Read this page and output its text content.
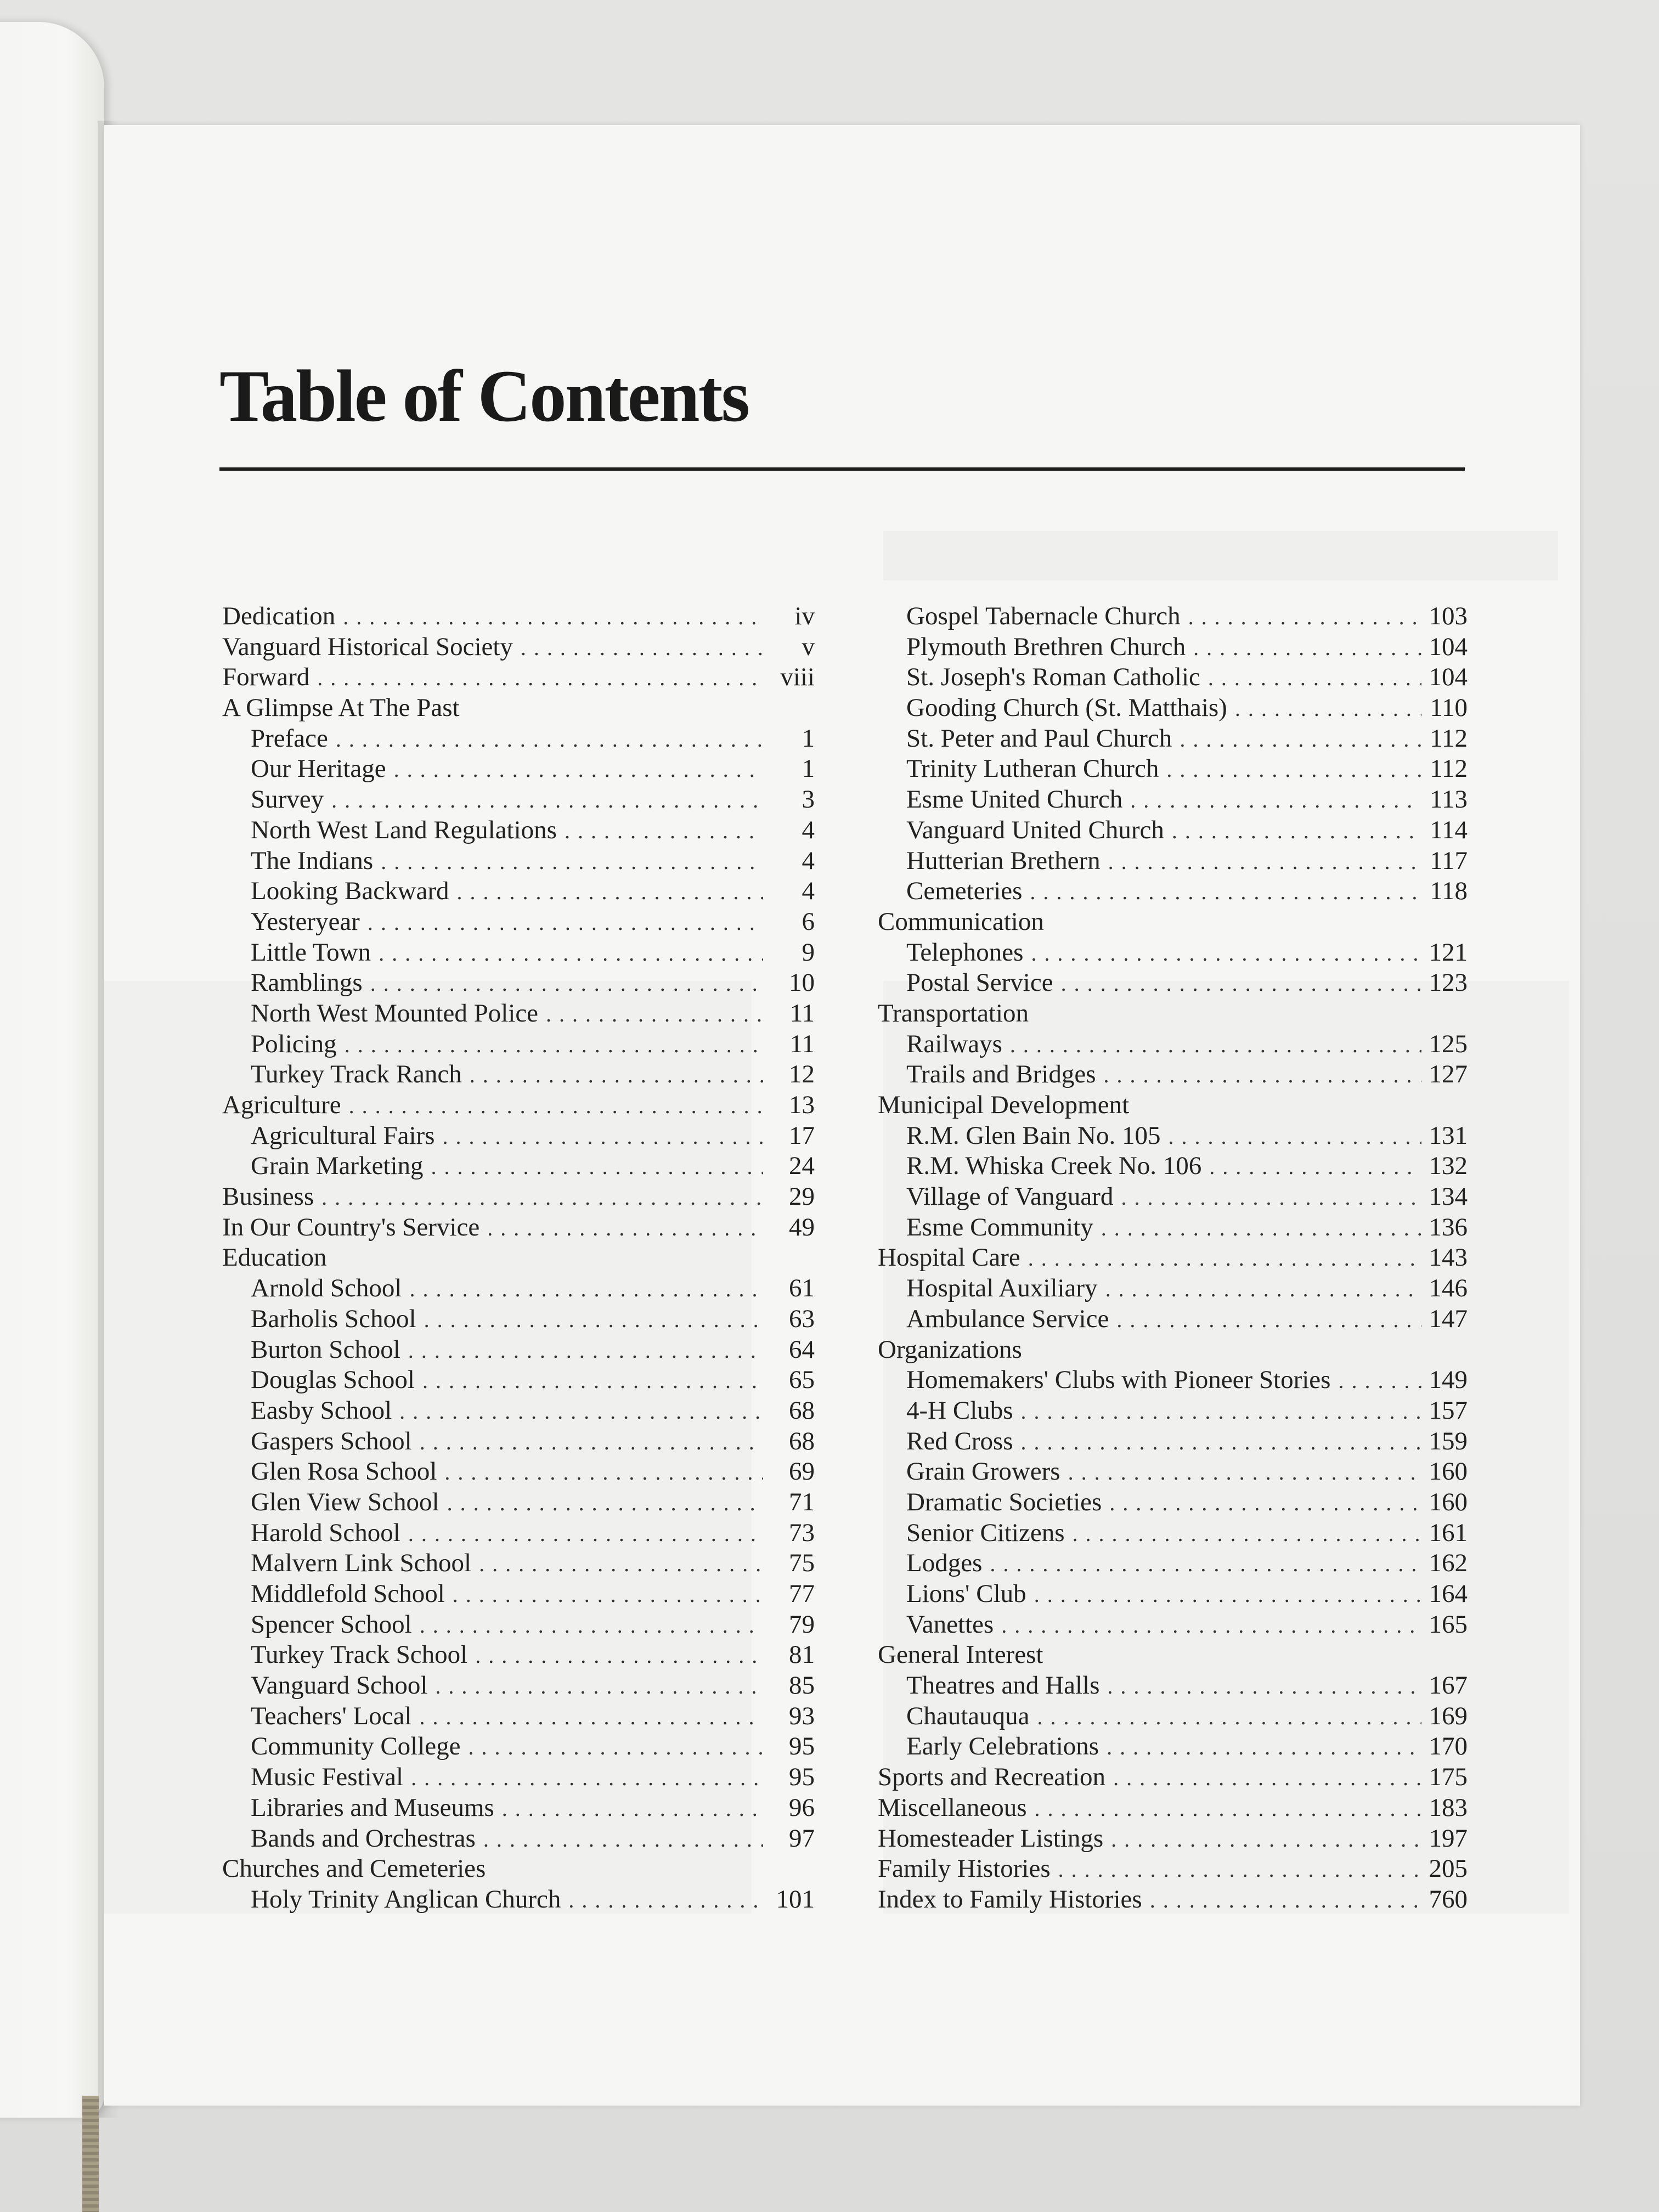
Table of Contents
Dedication . . .	iv
Vanguard Historical Society . . .	v
Forward . . .	viii
A Glimpse At The Past
Preface . . .	1
Our Heritage . . .	1
Survey . . .	3
North West Land Regulations . . .	4
The Indians . . .	4
Looking Backward . . .	4
Yesteryear . . .	6
Little Town . . .	9
Ramblings . . .	10
North West Mounted Police . . .	11
Policing . . .	11
Turkey Track Ranch . . .	12
Agriculture . . .	13
Agricultural Fairs . . .	17
Grain Marketing . . .	24
Business . . .	29
In Our Country's Service . . .	49
Education
Arnold School . . .	61
Barholis School . . .	63
Burton School . . .	64
Douglas School . . .	65
Easby School . . .	68
Gaspers School . . .	68
Glen Rosa School . . .	69
Glen View School . . .	71
Harold School . . .	73
Malvern Link School . . .	75
Middlefold School . . .	77
Spencer School . . .	79
Turkey Track School . . .	81
Vanguard School . . .	85
Teachers' Local . . .	93
Community College . . .	95
Music Festival . . .	95
Libraries and Museums . . .	96
Bands and Orchestras . . .	97
Churches and Cemeteries
Holy Trinity Anglican Church . . .	101
Gospel Tabernacle Church . . .	103
Plymouth Brethren Church . . .	104
St. Joseph's Roman Catholic . . .	104
Gooding Church (St. Matthais) . . .	110
St. Peter and Paul Church . . .	112
Trinity Lutheran Church . . .	112
Esme United Church . . .	113
Vanguard United Church . . .	114
Hutterian Brethern . . .	117
Cemeteries . . .	118
Communication
Telephones . . .	121
Postal Service . . .	123
Transportation
Railways . . .	125
Trails and Bridges . . .	127
Municipal Development
R.M. Glen Bain No. 105 . . .	131
R.M. Whiska Creek No. 106 . . .	132
Village of Vanguard . . .	134
Esme Community . . .	136
Hospital Care . . .	143
Hospital Auxiliary . . .	146
Ambulance Service . . .	147
Organizations
Homemakers' Clubs with Pioneer Stories . . .	149
4-H Clubs . . .	157
Red Cross . . .	159
Grain Growers . . .	160
Dramatic Societies . . .	160
Senior Citizens . . .	161
Lodges . . .	162
Lions' Club . . .	164
Vanettes . . .	165
General Interest
Theatres and Halls . . .	167
Chautauqua . . .	169
Early Celebrations . . .	170
Sports and Recreation . . .	175
Miscellaneous . . .	183
Homesteader Listings . . .	197
Family Histories . . .	205
Index to Family Histories . . .	760
